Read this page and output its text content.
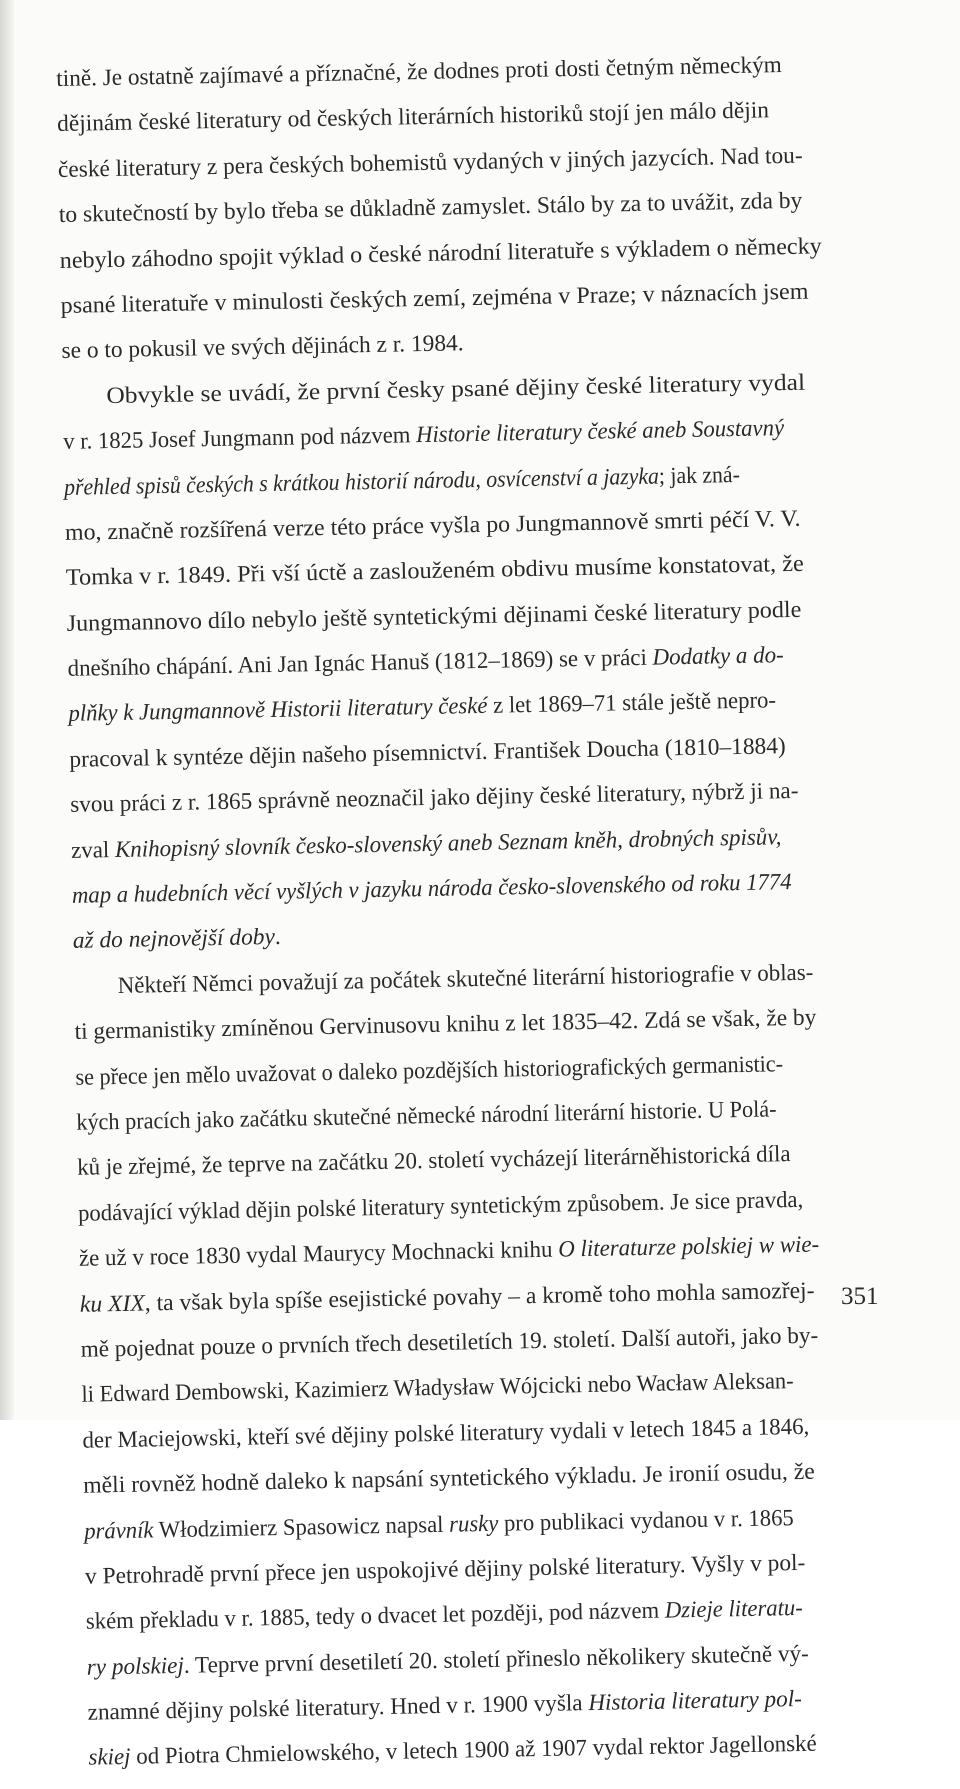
tině. Je ostatně zajímavé a příznačné, že dodnes proti dosti četným německým
dějinám české literatury od českých literárních historiků stojí jen málo dějin
české literatury z pera českých bohemistů vydaných v jiných jazycích. Nad tou-
to skutečností by bylo třeba se důkladně zamyslet. Stálo by za to uvážit, zda by
nebylo záhodno spojit výklad o české národní literatuře s výkladem o německy
psané literatuře v minulosti českých zemí, zejména v Praze; v náznacích jsem
se o to pokusil ve svých dějinách z r. 1984.
Obvykle se uvádí, že první česky psané dějiny české literatury vydal
v r. 1825 Josef Jungmann pod názvem Historie literatury české aneb Soustavný
přehled spisů českých s krátkou historií národu, osvícenství a jazyka; jak zná-
mo, značně rozšířená verze této práce vyšla po Jungmannově smrti péčí V. V.
Tomka v r. 1849. Při vší úctě a zaslouženém obdivu musíme konstatovat, že
Jungmannovo dílo nebylo ještě syntetickými dějinami české literatury podle
dnešního chápání. Ani Jan Ignác Hanuš (1812–1869) se v práci Dodatky a do-
plňky k Jungmannově Historii literatury české z let 1869–71 stále ještě nepro-
pracoval k syntéze dějin našeho písemnictví. František Doucha (1810–1884)
svou práci z r. 1865 správně neoznačil jako dějiny české literatury, nýbrž ji na-
zval Knihopisný slovník česko-slovenský aneb Seznam kněh, drobných spisův,
map a hudebních věcí vyšlých v jazyku národa česko-slovenského od roku 1774
až do nejnovější doby.
Někteří Němci považují za počátek skutečné literární historiografie v oblas-
ti germanistiky zmíněnou Gervinusovu knihu z let 1835–42. Zdá se však, že by
se přece jen mělo uvažovat o daleko pozdějších historiografických germanistic-
kých pracích jako začátku skutečné německé národní literární historie. U Polá-
ků je zřejmé, že teprve na začátku 20. století vycházejí literárněhistorická díla
podávající výklad dějin polské literatury syntetickým způsobem. Je sice pravda,
že už v roce 1830 vydal Maurycy Mochnacki knihu O literaturze polskiej w wie-
ku XIX, ta však byla spíše esejistické povahy – a kromě toho mohla samozřej-
mě pojednat pouze o prvních třech desetiletích 19. století. Další autoři, jako by-
li Edward Dembowski, Kazimierz Władysław Wójcicki nebo Wacław Aleksan-
der Maciejowski, kteří své dějiny polské literatury vydali v letech 1845 a 1846,
měli rovněž hodně daleko k napsání syntetického výkladu. Je ironií osudu, že
právník Włodzimierz Spasowicz napsal rusky pro publikaci vydanou v r. 1865
v Petrohradě první přece jen uspokojivé dějiny polské literatury. Vyšly v pol-
ském překladu v r. 1885, tedy o dvacet let později, pod názvem Dzieje literatu-
ry polskiej. Teprve první desetiletí 20. století přineslo několikery skutečně vý-
znamné dějiny polské literatury. Hned v r. 1900 vyšla Historia literatury pol-
skiej od Piotra Chmielowského, v letech 1900 až 1907 vydal rektor Jagellonské
351
